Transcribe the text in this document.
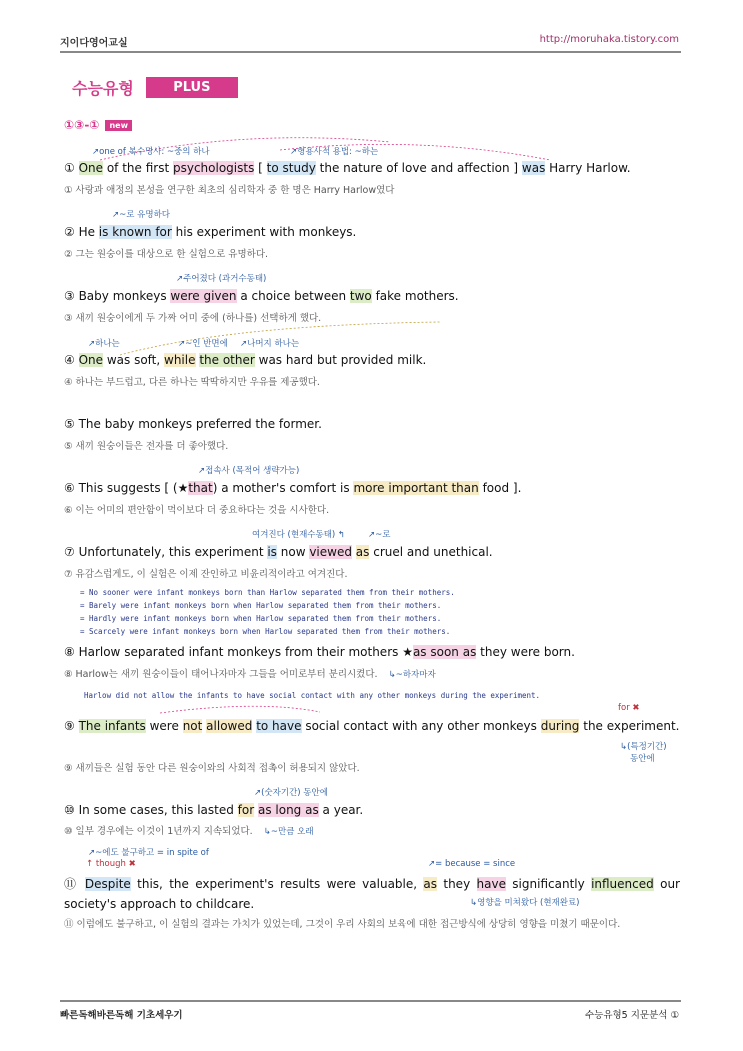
지이다영어교실	http://moruhaka.tistory.com
수능유형	PLUS
①③-①	new
↗one of 복수명사: ~중의 하나	↗형용사적 용법: ~하는
① One of the first psychologists [ to study the nature of love and affection ] was Harry Harlow.
① 사랑과 애정의 본성을 연구한 최초의 심리학자 중 한 명은 Harry Harlow였다
↗~로 유명하다
② He is known for his experiment with monkeys.
② 그는 원숭이를 대상으로 한 실험으로 유명하다.
↗주어졌다 (과거수동태)
③ Baby monkeys were given a choice between two fake mothers.
③ 새끼 원숭이에게 두 가짜 어미 중에 (하나를) 선택하게 했다.
↗하나는	↗~인 반면에 ↗나머지 하나는
④ One was soft, while the other was hard but provided milk.
④ 하나는 부드럽고, 다른 하나는 딱딱하지만 우유를 제공했다.
⑤ The baby monkeys preferred the former.
⑤ 새끼 원숭이들은 전자를 더 좋아했다.
↗접속사 (목적어 생략가능)
⑥ This suggests [ (★that) a mother's comfort is more important than food ].
⑥ 이는 어미의 편안함이 먹이보다 더 중요하다는 것을 시사한다.
여겨진다 (현재수동태) ↰	↗~로
⑦ Unfortunately, this experiment is now viewed as cruel and unethical.
⑦ 유감스럽게도, 이 실험은 이제 잔인하고 비윤리적이라고 여겨진다.
= No sooner were infant monkeys born than Harlow separated them from their mothers.
= Barely were infant monkeys born when Harlow separated them from their mothers.
= Hardly were infant monkeys born when Harlow separated them from their mothers.
= Scarcely were infant monkeys born when Harlow separated them from their mothers.
⑧ Harlow separated infant monkeys from their mothers ★as soon as they were born.
⑧ Harlow는 새끼 원숭이들이 태어나자마자 그들을 어미로부터 분리시켰다. ↳~하자마자
Harlow did not allow the infants to have social contact with any other monkeys during the experiment.
for ✖
⑨ The infants were not allowed to have social contact with any other monkeys during the experiment.
↳(특정기간)
동안에
⑨ 새끼들은 실험 동안 다른 원숭이와의 사회적 접촉이 허용되지 않았다.
↗(숫자기간) 동안에
⑩ In some cases, this lasted for as long as a year.
⑩ 일부 경우에는 이것이 1년까지 지속되었다. ↳~만큼 오래
↗~에도 불구하고 = in spite of
↑ though ✖	↗= because = since
⑪ Despite this, the experiment's results were valuable, as they have significantly influenced our society's approach to childcare.	↳영향을 미쳐왔다 (현재완료)
⑪ 이럼에도 불구하고, 이 실험의 결과는 가치가 있었는데, 그것이 우리 사회의 보육에 대한 접근방식에 상당히 영향을 미쳤기 때문이다.
빠른독해바른독해 기초세우기	수능유형5 지문분석 ①
